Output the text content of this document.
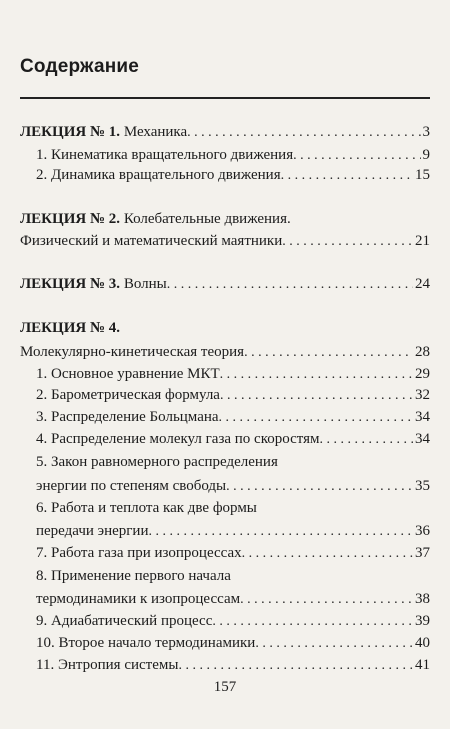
Содержание
ЛЕКЦИЯ № 1. Механика . . .	3
1. Кинематика вращательного движения . . .	9
2. Динамика вращательного движения . . .	15
ЛЕКЦИЯ № 2. Колебательные движения.
Физический и математический маятники . . .	21
ЛЕКЦИЯ № 3. Волны . . .	24
ЛЕКЦИЯ № 4.
Молекулярно-кинетическая теория . . .	28
1. Основное уравнение МКТ . . .	29
2. Барометрическая формула . . .	32
3. Распределение Больцмана . . .	34
4. Распределение молекул газа по скоростям . . .	34
5. Закон равномерного распределения
энергии по степеням свободы . . .	35
6. Работа и теплота как две формы
передачи энергии . . .	36
7. Работа газа при изопроцессах . . .	37
8. Применение первого начала
термодинамики к изопроцессам . . .	38
9. Адиабатический процесс . . .	39
10. Второе начало термодинамики . . .	40
11. Энтропия системы . . .	41
157
